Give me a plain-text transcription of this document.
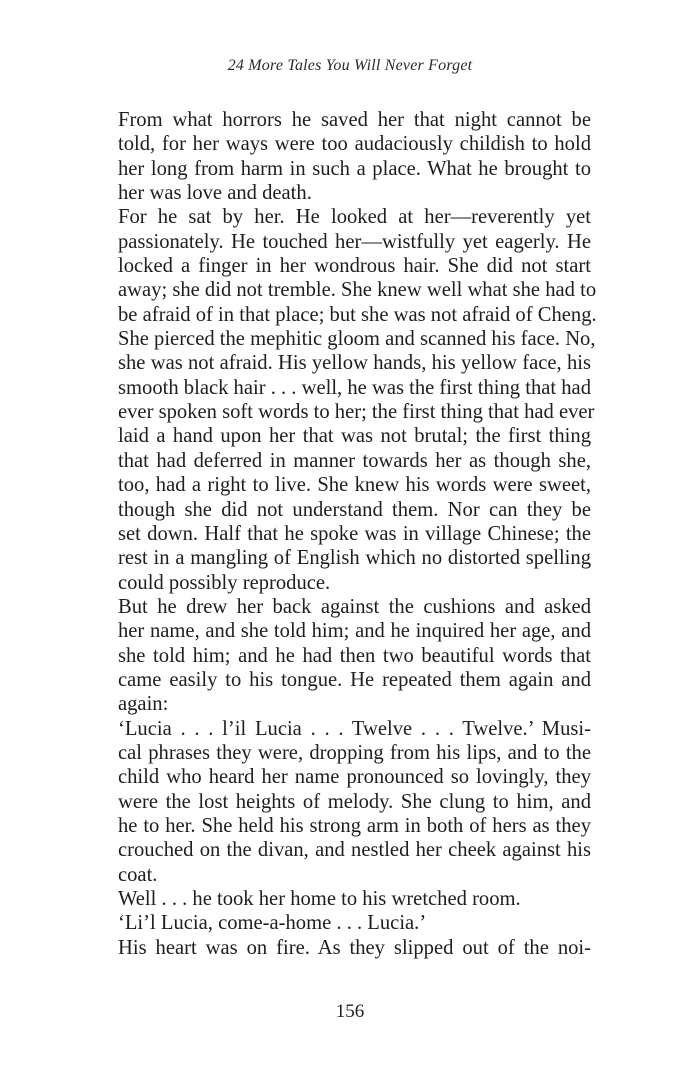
24 More Tales You Will Never Forget
From what horrors he saved her that night cannot be
told, for her ways were too audaciously childish to hold
her long from harm in such a place. What he brought to
her was love and death.
For he sat by her. He looked at her—reverently yet
passionately. He touched her—wistfully yet eagerly. He
locked a finger in her wondrous hair. She did not start
away; she did not tremble. She knew well what she had to
be afraid of in that place; but she was not afraid of Cheng.
She pierced the mephitic gloom and scanned his face. No,
she was not afraid. His yellow hands, his yellow face, his
smooth black hair . . . well, he was the first thing that had
ever spoken soft words to her; the first thing that had ever
laid a hand upon her that was not brutal; the first thing
that had deferred in manner towards her as though she,
too, had a right to live. She knew his words were sweet,
though she did not understand them. Nor can they be
set down. Half that he spoke was in village Chinese; the
rest in a mangling of English which no distorted spelling
could possibly reproduce.
But he drew her back against the cushions and asked
her name, and she told him; and he inquired her age, and
she told him; and he had then two beautiful words that
came easily to his tongue. He repeated them again and
again:
‘Lucia . . . l’il Lucia . . . Twelve . . . Twelve.’ Musi-
cal phrases they were, dropping from his lips, and to the
child who heard her name pronounced so lovingly, they
were the lost heights of melody. She clung to him, and
he to her. She held his strong arm in both of hers as they
crouched on the divan, and nestled her cheek against his
coat.
Well . . . he took her home to his wretched room.
‘Li’l Lucia, come-a-home . . . Lucia.’
His heart was on fire. As they slipped out of the noi-
156
